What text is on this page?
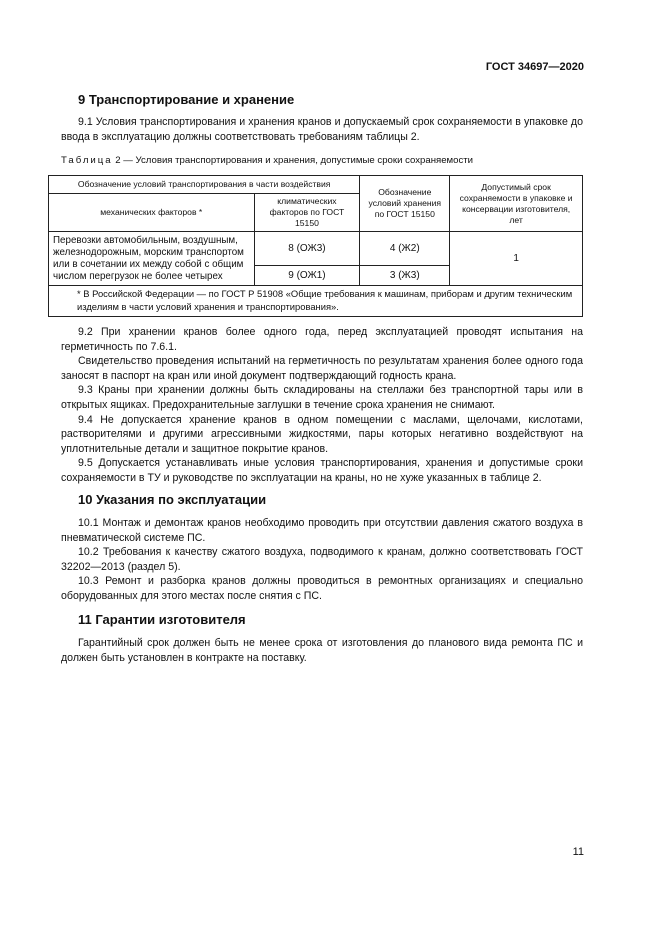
ГОСТ 34697—2020
9 Транспортирование и хранение

9.1 Условия транспортирования и хранения кранов и допускаемый срок сохраняемости в упаковке до ввода в эксплуатацию должны соответствовать требованиям таблицы 2.

Таблица 2 — Условия транспортирования и хранения, допустимые сроки сохраняемости
Обозначение условий транспортирования в части воздействия		Обозначение условий хранения по ГОСТ 15150	Допустимый срок сохраняемости в упаковке и консервации изготовителя, лет
механических факторов *	климатических факторов по ГОСТ 15150		
Перевозки автомобильным, воздушным, железнодорожным, морским транспортом или в сочетании их между собой с общим числом перегрузок не более четырех	8 (ОЖ3)	4 (Ж2)	1
	9 (ОЖ1)	3 (Ж3)	
* В Российской Федерации — по ГОСТ Р 51908 «Общие требования к машинам, приборам и другим техническим изделиям в части условий хранения и транспортирования».			

9.2 При хранении кранов более одного года, перед эксплуатацией проводят испытания на герметичность по 7.6.1.

Свидетельство проведения испытаний на герметичность по результатам хранения более одного года заносят в паспорт на кран или иной документ подтверждающий годность крана.

9.3 Краны при хранении должны быть складированы на стеллажи без транспортной тары или в открытых ящиках. Предохранительные заглушки в течение срока хранения не снимают.

9.4 Не допускается хранение кранов в одном помещении с маслами, щелочами, кислотами, растворителями и другими агрессивными жидкостями, пары которых негативно воздействуют на уплотнительные детали и защитное покрытие кранов.

9.5 Допускается устанавливать иные условия транспортирования, хранения и допустимые сроки сохраняемости в ТУ и руководстве по эксплуатации на краны, но не хуже указанных в таблице 2.

10 Указания по эксплуатации

10.1 Монтаж и демонтаж кранов необходимо проводить при отсутствии давления сжатого воздуха в пневматической системе ПС.

10.2 Требования к качеству сжатого воздуха, подводимого к кранам, должно соответствовать ГОСТ 32202—2013 (раздел 5).

10.3 Ремонт и разборка кранов должны проводиться в ремонтных организациях и специально оборудованных для этого местах после снятия с ПС.

11 Гарантии изготовителя

Гарантийный срок должен быть не менее срока от изготовления до планового вида ремонта ПС и должен быть установлен в контракте на поставку.

11
